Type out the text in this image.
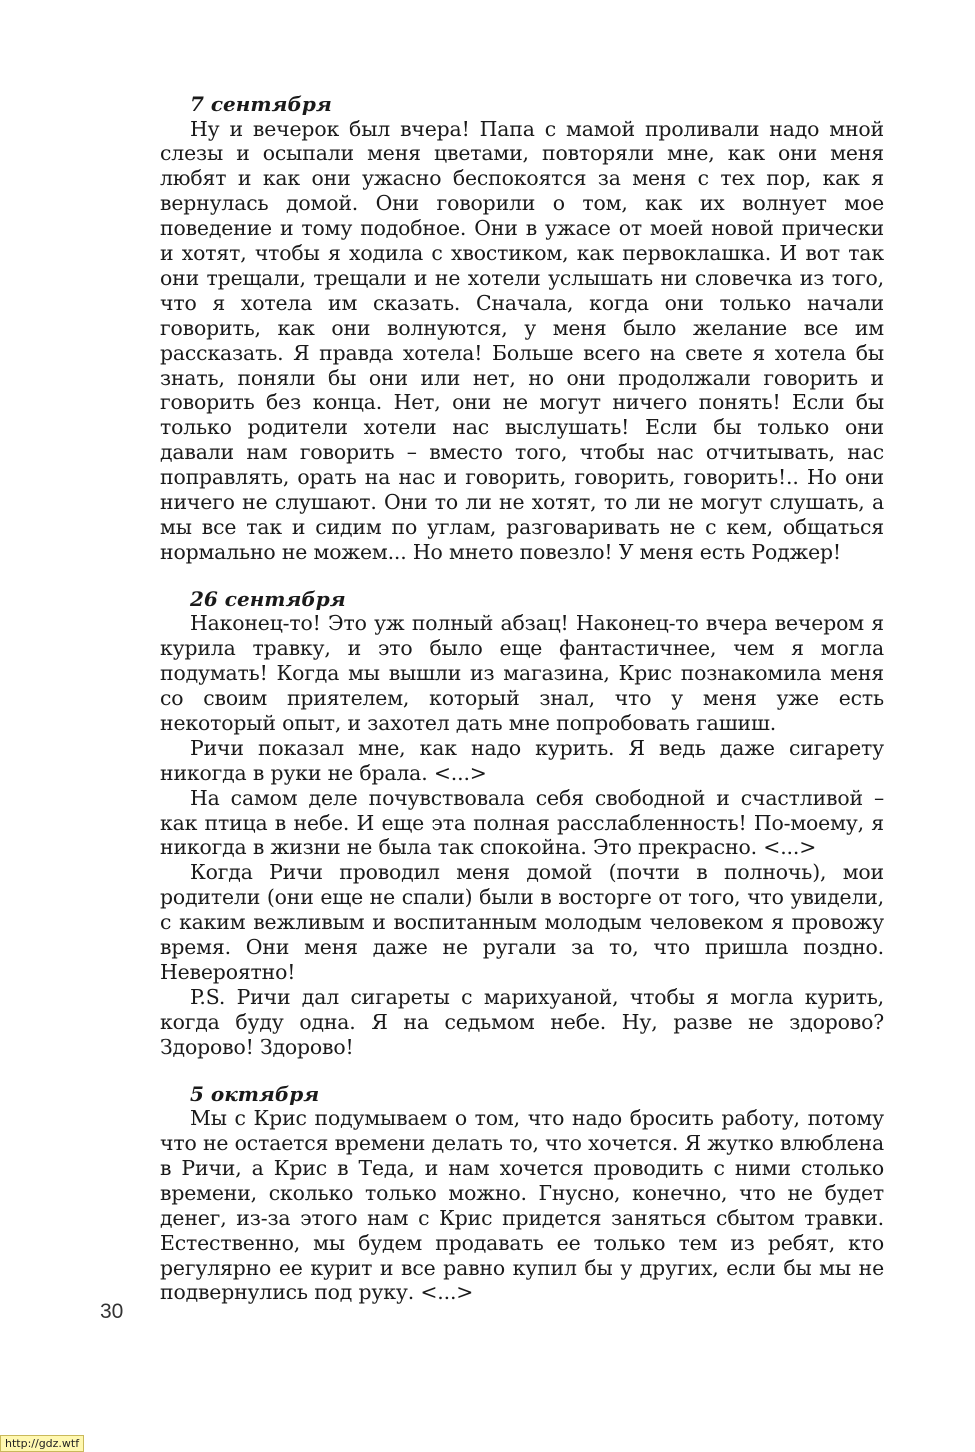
7 сентября

Ну и вечерок был вчера! Папа с мамой проливали надо мной слезы и осыпали меня цветами, повторяли мне, как они меня любят и как они ужасно беспокоятся за меня с тех пор, как я вернулась домой. Они говорили о том, как их волнует мое поведение и тому подобное. Они в ужасе от моей новой прически и хотят, чтобы я ходила с хвостиком, как первоклашка. И вот так они трещали, трещали и не хотели услышать ни словечка из того, что я хотела им сказать. Сначала, когда они только начали говорить, как они волнуются, у меня было желание все им рассказать. Я правда хотела! Больше всего на свете я хотела бы знать, поняли бы они или нет, но они продолжали говорить и говорить без конца. Нет, они не могут ничего понять! Если бы только родители хотели нас выслушать! Если бы только они давали нам говорить – вместо того, чтобы нас отчитывать, нас поправлять, орать на нас и говорить, говорить, говорить!.. Но они ничего не слушают. Они то ли не хотят, то ли не могут слушать, а мы все так и сидим по углам, разговаривать не с кем, общаться нормально не можем... Но мнето повезло! У меня есть Роджер!

26 сентября

Наконец-то! Это уж полный абзац! Наконец-то вчера вечером я курила травку, и это было еще фантастичнее, чем я могла подумать! Когда мы вышли из магазина, Крис познакомила меня со своим приятелем, который знал, что у меня уже есть некоторый опыт, и захотел дать мне попробовать гашиш.

Ричи показал мне, как надо курить. Я ведь даже сигарету никогда в руки не брала. <...>

На самом деле почувствовала себя свободной и счастливой – как птица в небе. И еще эта полная расслабленность! По-моему, я никогда в жизни не была так спокойна. Это прекрасно. <...>

Когда Ричи проводил меня домой (почти в полночь), мои родители (они еще не спали) были в восторге от того, что увидели, с каким вежливым и воспитанным молодым человеком я провожу время. Они меня даже не ругали за то, что пришла поздно. Невероятно!

P.S. Ричи дал сигареты с марихуаной, чтобы я могла курить, когда буду одна. Я на седьмом небе. Ну, разве не здорово? Здорово! Здорово!

5 октября

Мы с Крис подумываем о том, что надо бросить работу, потому что не остается времени делать то, что хочется. Я жутко влюблена в Ричи, а Крис в Теда, и нам хочется проводить с ними столько времени, сколько только можно. Гнусно, конечно, что не будет денег, из-за этого нам с Крис придется заняться сбытом травки. Естественно, мы будем продавать ее только тем из ребят, кто регулярно ее курит и все равно купил бы у других, если бы мы не подвернулись под руку. <...>

30
http://gdz.wtf
